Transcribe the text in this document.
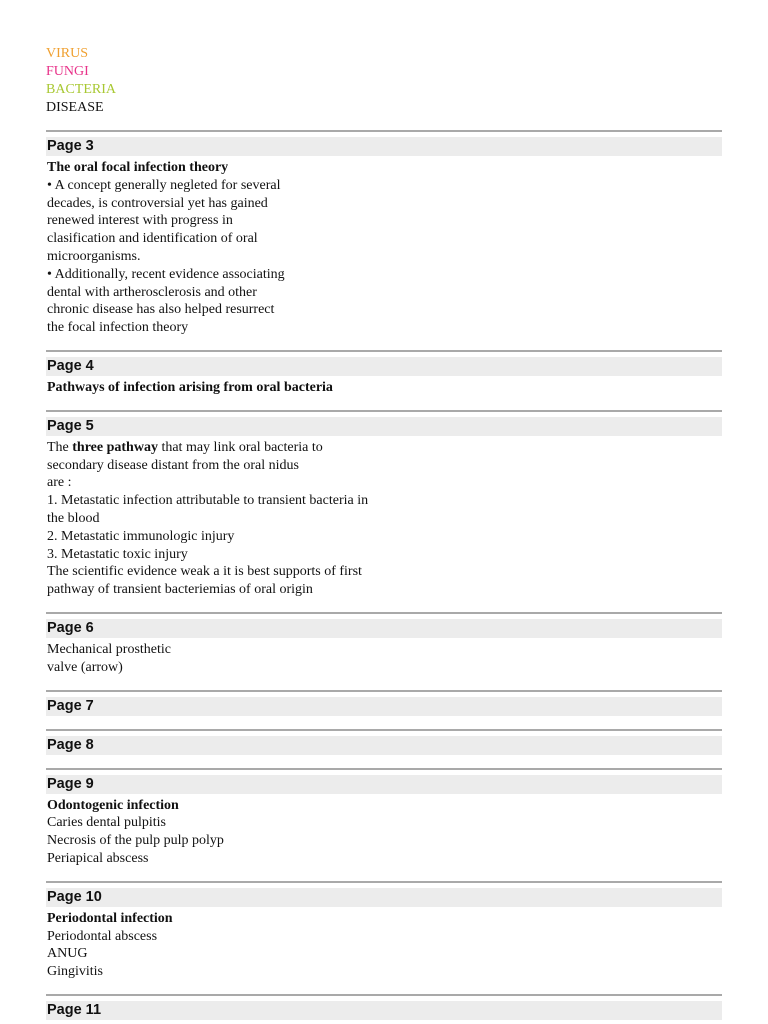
VIRUS
FUNGI
BACTERIA
DISEASE
Page 3
The oral focal infection theory
• A concept generally negleted for several
decades, is controversial yet has gained
renewed interest with progress in
clasification and identification of oral
microorganisms.
• Additionally, recent evidence associating
dental with artherosclerosis and other
chronic disease has also helped resurrect
the focal infection theory
Page 4
Pathways of infection arising from oral bacteria
Page 5
The three pathway that may link oral bacteria to
secondary disease distant from the oral nidus
are :
1. Metastatic infection attributable to transient bacteria in
the blood
2. Metastatic immunologic injury
3. Metastatic toxic injury
The scientific evidence weak a it is best supports of first
pathway of transient bacteriemias of oral origin
Page 6
Mechanical prosthetic
valve (arrow)
Page 7
Page 8
Page 9
Odontogenic infection
Caries dental pulpitis
Necrosis of the pulp pulp polyp
Periapical abscess
Page 10
Periodontal infection
Periodontal abscess
ANUG
Gingivitis
Page 11
